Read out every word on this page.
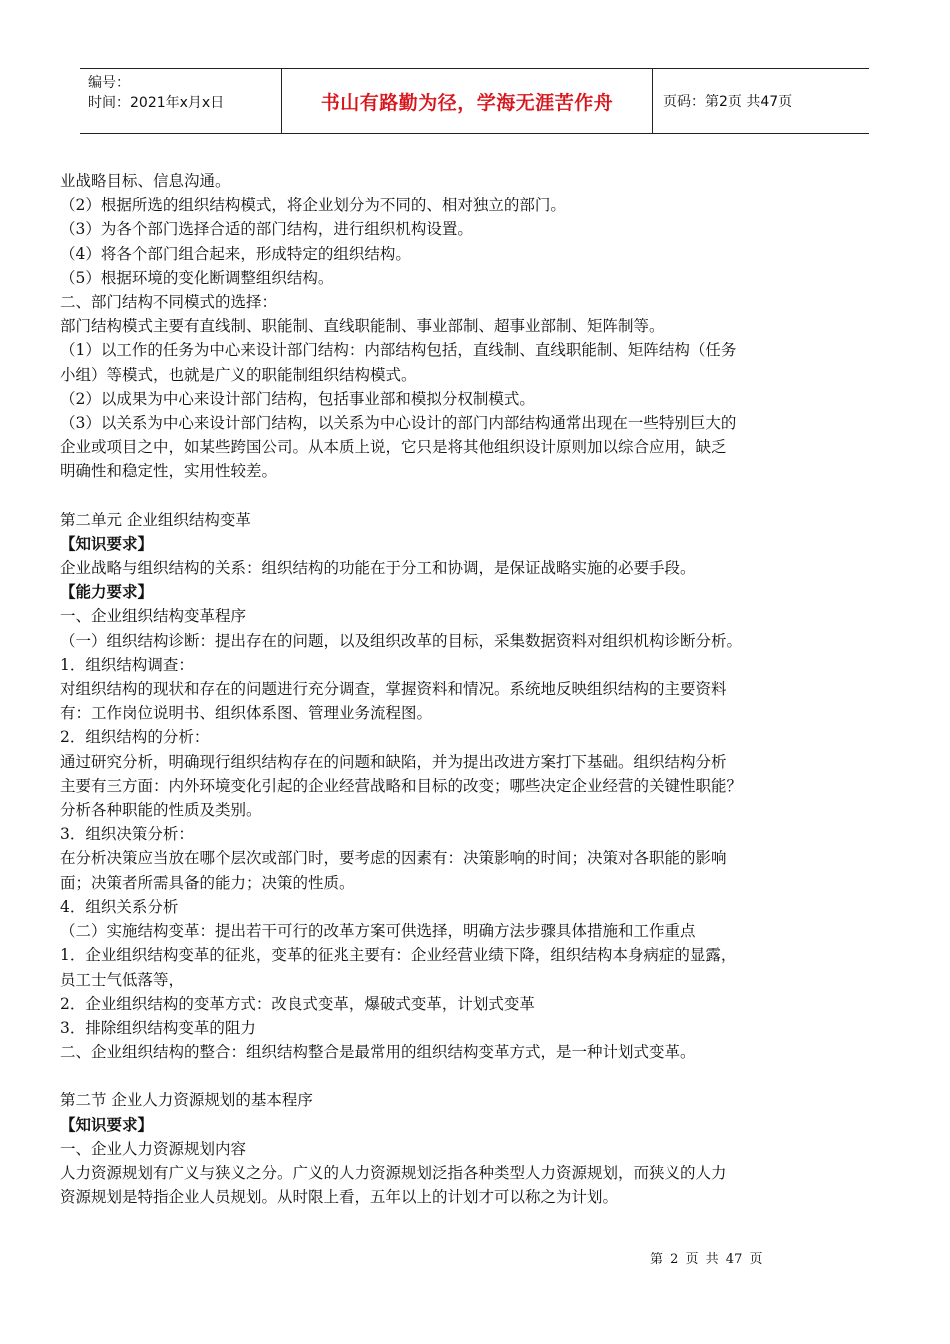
编号：
时间：2021年x月x日	书山有路勤为径，学海无涯苦作舟	页码：第2页 共47页

业战略目标、信息沟通。

（2）根据所选的组织结构模式，将企业划分为不同的、相对独立的部门。

（3）为各个部门选择合适的部门结构，进行组织机构设置。

（4）将各个部门组合起来，形成特定的组织结构。

（5）根据环境的变化断调整组织结构。

二、部门结构不同模式的选择：

部门结构模式主要有直线制、职能制、直线职能制、事业部制、超事业部制、矩阵制等。

（1）以工作的任务为中心来设计部门结构：内部结构包括，直线制、直线职能制、矩阵结构（任务

小组）等模式，也就是广义的职能制组织结构模式。

（2）以成果为中心来设计部门结构，包括事业部和模拟分权制模式。

（3）以关系为中心来设计部门结构，以关系为中心设计的部门内部结构通常出现在一些特别巨大的

企业或项目之中，如某些跨国公司。从本质上说，它只是将其他组织设计原则加以综合应用，缺乏

明确性和稳定性，实用性较差。

第二单元 企业组织结构变革

【知识要求】

企业战略与组织结构的关系：组织结构的功能在于分工和协调，是保证战略实施的必要手段。

【能力要求】

一、企业组织结构变革程序

（一）组织结构诊断：提出存在的问题，以及组织改革的目标，采集数据资料对组织机构诊断分析。

1．组织结构调查：

对组织结构的现状和存在的问题进行充分调查，掌握资料和情况。系统地反映组织结构的主要资料

有：工作岗位说明书、组织体系图、管理业务流程图。

2．组织结构的分析：

通过研究分析，明确现行组织结构存在的问题和缺陷，并为提出改进方案打下基础。组织结构分析

主要有三方面：内外环境变化引起的企业经营战略和目标的改变；哪些决定企业经营的关键性职能？

分析各种职能的性质及类别。

3．组织决策分析：

在分析决策应当放在哪个层次或部门时，要考虑的因素有：决策影响的时间；决策对各职能的影响

面；决策者所需具备的能力；决策的性质。

4．组织关系分析

（二）实施结构变革：提出若干可行的改革方案可供选择，明确方法步骤具体措施和工作重点

1．企业组织结构变革的征兆，变革的征兆主要有：企业经营业绩下降，组织结构本身病症的显露，

员工士气低落等，

2．企业组织结构的变革方式：改良式变革，爆破式变革，计划式变革

3．排除组织结构变革的阻力

二、企业组织结构的整合：组织结构整合是最常用的组织结构变革方式，是一种计划式变革。

第二节 企业人力资源规划的基本程序

【知识要求】

一、企业人力资源规划内容

人力资源规划有广义与狭义之分。广义的人力资源规划泛指各种类型人力资源规划，而狭义的人力

资源规划是特指企业人员规划。从时限上看，五年以上的计划才可以称之为计划。

第 2 页 共 47 页
